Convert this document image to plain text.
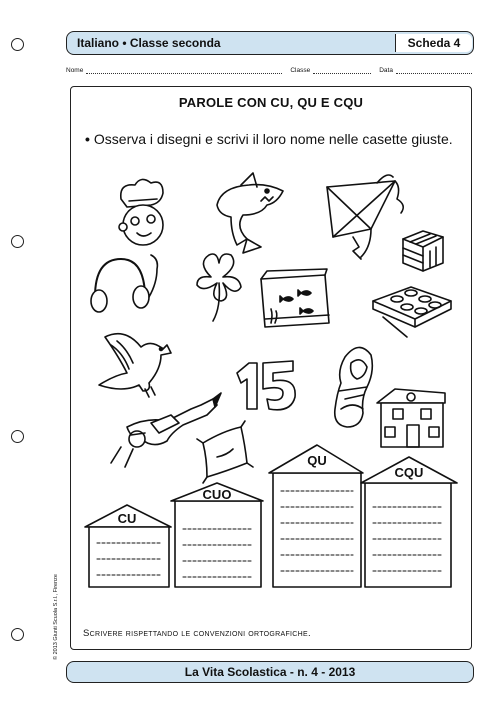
Italiano • Classe seconda	Scheda 4
Nome	Classe	Data
PAROLE CON CU, QU E CQU
• Osserva i disegni e scrivi il loro nome nelle casette giuste.
CU
CUO
QU
CQU
Scrivere rispettando le convenzioni ortografiche.
© 2013 Giunti Scuola S.r.l., Firenze
La Vita Scolastica - n. 4 - 2013
